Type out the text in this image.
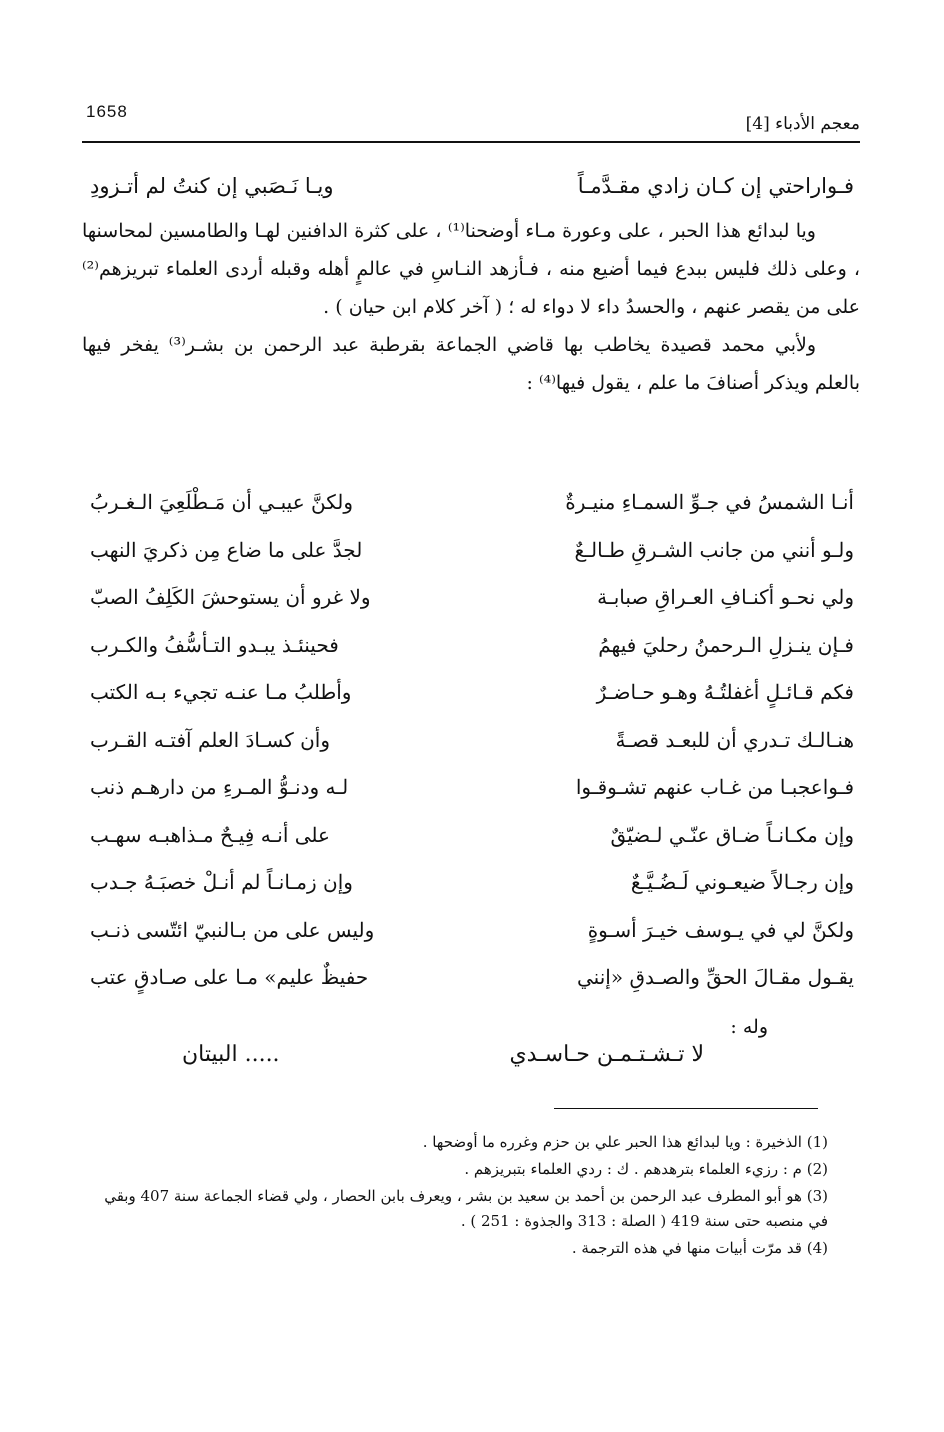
1658
معجم الأدباء [4]
فـواراحتي إن كـان زادي مقـدَّمـاً
ويـا نَـصَبي إن كنتُ لم أتـزودِ

ويا لبدائع هذا الحبر ، على وعورة مـاء أوضحنا⁽¹⁾ ، على كثرة الدافنين لهـا والطامسين لمحاسنها ، وعلى ذلك فليس ببدع فيما أضيع منه ، فـأزهد النـاسِ في عالمٍ أهله وقبله أردى العلماء تبريزهم⁽²⁾ على من يقصر عنهم ، والحسدُ داء لا دواء له ؛ ( آخر كلام ابن حيان ) .

ولأبي محمد قصيدة يخاطب بها قاضي الجماعة بقرطبة عبد الرحمن بن بشـر⁽³⁾ يفخر فيها بالعلم ويذكر أصنافَ ما علم ، يقول فيها⁽⁴⁾ :

أنـا الشمسُ في جـوِّ السمـاءِ منيـرةٌ
ولكنَّ عيبـي أن مَـطْلَعِيَ الـغـربُ
ولـو أنني من جانب الشـرقِ طـالـعٌ
لجدَّ على ما ضاع مِن ذكريَ النهب
ولي نحـو أكنـافِ العـراقِ صبابـة
ولا غرو أن يستوحشَ الكَلِفُ الصبّ
فـإن ينـزلِ الـرحمنُ رحليَ فيهمُ
فحينئـذ يبـدو التـأسُّفُ والكـرب
فكم قـائـلٍ أغفلتُـهُ وهـو حـاضـرٌ
وأطلبُ مـا عنـه تجيء بـه الكتب
هنـالـك تـدري أن للبعـد قصـةً
وأن كسـادَ العلم آفتـه القـرب
فـواعجبـا من غـاب عنهم تشـوقـوا
لـه ودنـوُّ المـرءِ من دارهـم ذنب
وإن مكـانـاً ضـاق عنّـي لـضيّقٌ
على أنـه فِيـحٌ مـذاهبـه سهـب
وإن رجـالاً ضيعـوني لَـضُـيَّـعٌ
وإن زمـانـاً لم أنـلْ خصبَـهُ جـدب
ولكنَّ لي في يـوسف خيـرَ أسـوةٍ
وليس على من بـالنبيّ ائتّسى ذنـب
يقـول مقـالَ الحقِّ والصـدقِ «إنني
حفيظٌ عليم» مـا على صـادقٍ عتب
وله :
لا تـشـتـمـن حـاسـدي
..... البيتان

(1) الذخيرة : ويا لبدائع هذا الحبر علي بن حزم وغرره ما أوضحها .

(2) م : رزيء العلماء بترهدهم . ك : ردي العلماء بتبريزهم .

(3) هو أبو المطرف عبد الرحمن بن أحمد بن سعيد بن بشر ، ويعرف بابن الحصار ، ولي قضاء الجماعة سنة 407 وبقي في منصبه حتى سنة 419 ( الصلة : 313 والجذوة : 251 ) .

(4) قد مرّت أبيات منها في هذه الترجمة .
